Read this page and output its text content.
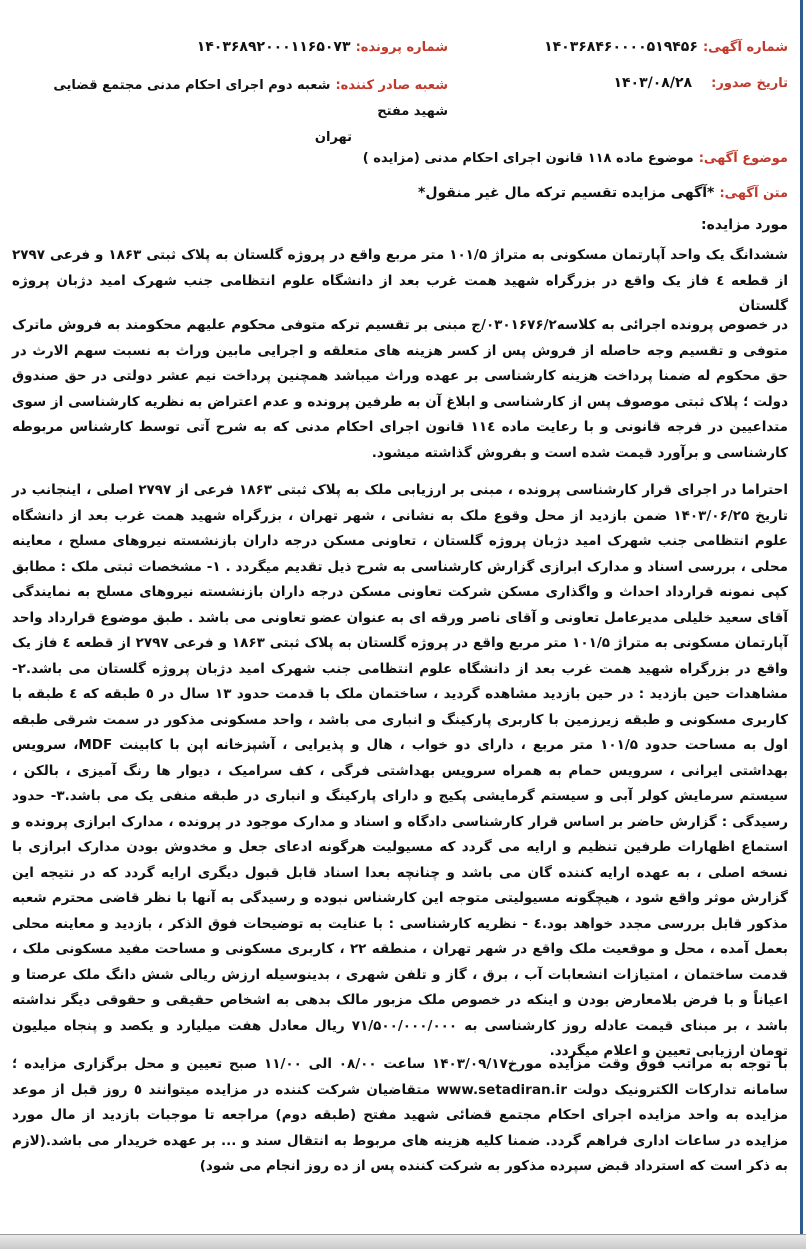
شماره آگهی: ۱۴۰۳۶۸۴۶۰۰۰۰۵۱۹۴۵۶
شماره پرونده: ۱۴۰۳۶۸۹۲۰۰۰۱۱۶۵۰۷۳
تاریخ صدور: ۱۴۰۳/۰۸/۲۸
شعبه صادر کننده: شعبه دوم اجرای احکام مدنی مجتمع قضایی شهید مفتح
تهران
موضوع آگهی: موضوع ماده ۱۱۸ قانون اجرای احکام مدنی (مزایده )
متن آگهی: *آگهی مزایده تقسیم ترکه مال غیر منقول*
مورد مزایده:

ششدانگ یک واحد آپارتمان مسکونی به متراژ ۱۰۱/۵ متر مربع واقع در پروژه گلستان به پلاک ثبتی ۱۸۶۳ و فرعی ۲۷۹۷ از قطعه ٤ فاز یک واقع در بزرگراه شهید همت غرب بعد از دانشگاه علوم انتظامی جنب شهرک امید دژبان پروژه گلستان

در خصوص پرونده اجرائی به کلاسه۰۳۰۱۶۷۶/۲/ج مبنی بر تقسیم ترکه متوفی محکوم علیهم محکومند به فروش ماترک متوفی و تقسیم وجه حاصله از فروش پس از کسر هزینه های متعلقه و اجرایی مابین وراث به نسبت سهم الارث در حق محکوم له ضمنا پرداخت هزینه کارشناسی بر عهده وراث میباشد همچنین پرداخت نیم عشر دولتی در حق صندوق دولت ؛ پلاک ثبتی موصوف پس از کارشناسی و ابلاغ آن به طرفین پرونده و عدم اعتراض به نظریه کارشناسی از سوی متداعیین در فرجه قانونی و با رعایت ماده ۱۱٤ قانون اجرای احکام مدنی که به شرح آتی توسط کارشناس مربوطه کارشناسی و برآورد قیمت شده است و بفروش گذاشته میشود.

احتراما در اجرای قرار کارشناسی پرونده ، مبنی بر ارزیابی ملک به پلاک ثبتی ۱۸۶۳ فرعی از ۲۷۹۷ اصلی ، اینجانب در تاریخ ۱۴۰۳/۰۶/۲۵ ضمن بازدید از محل وقوع ملک به نشانی ، شهر تهران ، بزرگراه شهید همت غرب بعد از دانشگاه علوم انتظامی جنب شهرک امید دژبان پروژه گلستان ، تعاونی مسکن درجه داران بازنشسته نیروهای مسلح ، معاینه محلی ، بررسی اسناد و مدارک ابرازی گزارش کارشناسی به شرح ذیل تقدیم میگردد . ۱- مشخصات ثبتی ملک : مطابق کپی نمونه قرارداد احداث و واگذاری مسکن شرکت تعاونی مسکن درجه داران بازنشسته نیروهای مسلح به نمایندگی آقای سعید خلیلی مدیرعامل تعاونی و آقای ناصر ورقه ای به عنوان عضو تعاونی می باشد . طبق موضوع قرارداد واحد آپارتمان مسکونی به متراژ ۱۰۱/۵ متر مربع واقع در پروژه گلستان به پلاک ثبتی ۱۸۶۳ و فرعی ۲۷۹۷ از قطعه ٤ فاز یک واقع در بزرگراه شهید همت غرب بعد از دانشگاه علوم انتظامی جنب شهرک امید دژبان پروژه گلستان می باشد.۲- مشاهدات حین بازدید : در حین بازدید مشاهده گردید ، ساختمان ملک با قدمت حدود ۱۳ سال در ٥ طبقه که ٤ طبقه با کاربری مسکونی و طبقه زیرزمین با کاربری پارکینگ و انباری می باشد ، واحد مسکونی مذکور در سمت شرقی طبقه اول به مساحت حدود ۱۰۱/۵ متر مربع ، دارای دو خواب ، هال و پذیرایی ، آشپزخانه اپن با کابینت MDF، سرویس بهداشتی ایرانی ، سرویس حمام به همراه سرویس بهداشتی فرگی ، کف سرامیک ، دیوار ها رنگ آمیزی ، بالکن ، سیستم سرمایش کولر آبی و سیستم گرمایشی پکیج و دارای پارکینگ و انباری در طبقه منفی یک می باشد.۳- حدود رسیدگی : گزارش حاضر بر اساس قرار کارشناسی دادگاه و اسناد و مدارک موجود در پرونده ، مدارک ابرازی پرونده و استماع اظهارات طرفین تنظیم و ارایه می گردد که مسیولیت هرگونه ادعای جعل و مخدوش بودن مدارک ابرازی با نسخه اصلی ، به عهده ارایه کننده گان می باشد و چنانچه بعدا اسناد قابل قبول دیگری ارایه گردد که در نتیجه این گزارش موثر واقع شود ، هیچگونه مسیولیتی متوجه این کارشناس نبوده و رسیدگی به آنها با نظر قاضی محترم شعبه مذکور قابل بررسی مجدد خواهد بود.٤ - نظریه کارشناسی : با عنایت به توضیحات فوق الذکر ، بازدید و معاینه محلی بعمل آمده ، محل و موقعیت ملک واقع در شهر تهران ، منطقه ۲۲ ، کاربری مسکونی و مساحت مفید مسکونی ملک ، قدمت ساختمان ، امتیازات انشعابات آب ، برق ، گاز و تلفن شهری ، بدینوسیله ارزش ریالی شش دانگ ملک عرصتا و اعیاناً و با فرض بلامعارض بودن و اینکه در خصوص ملک مزبور مالک بدهی به اشخاص حقیقی و حقوقی دیگر نداشته باشد ، بر مبنای قیمت عادله روز کارشناسی به ۷۱/۵۰۰/۰۰۰/۰۰۰ ریال معادل هفت میلیارد و یکصد و پنجاه میلیون تومان ارزیابی تعیین و اعلام میگردد.

با توجه به مراتب فوق وقت مزایده مورخ۱۴۰۳/۰۹/۱۷ ساعت ۰۸/۰۰ الی ۱۱/۰۰ صبح تعیین و محل برگزاری مزایده ؛سامانه تدارکات الکترونیک دولت www.setadiran.ir متقاضیان شرکت کننده در مزایده میتوانند ٥ روز قبل از موعد مزایده به واحد مزایده اجرای احکام مجتمع قضائی شهید مفتح (طبقه دوم) مراجعه تا موجبات بازدید از مال مورد مزایده در ساعات اداری فراهم گردد. ضمنا کلیه هزینه های مربوط به انتقال سند و ... بر عهده خریدار می باشد.(لازم به ذکر است که استرداد قبض سپرده مذکور به شرکت کننده پس از ده روز انجام می شود)
